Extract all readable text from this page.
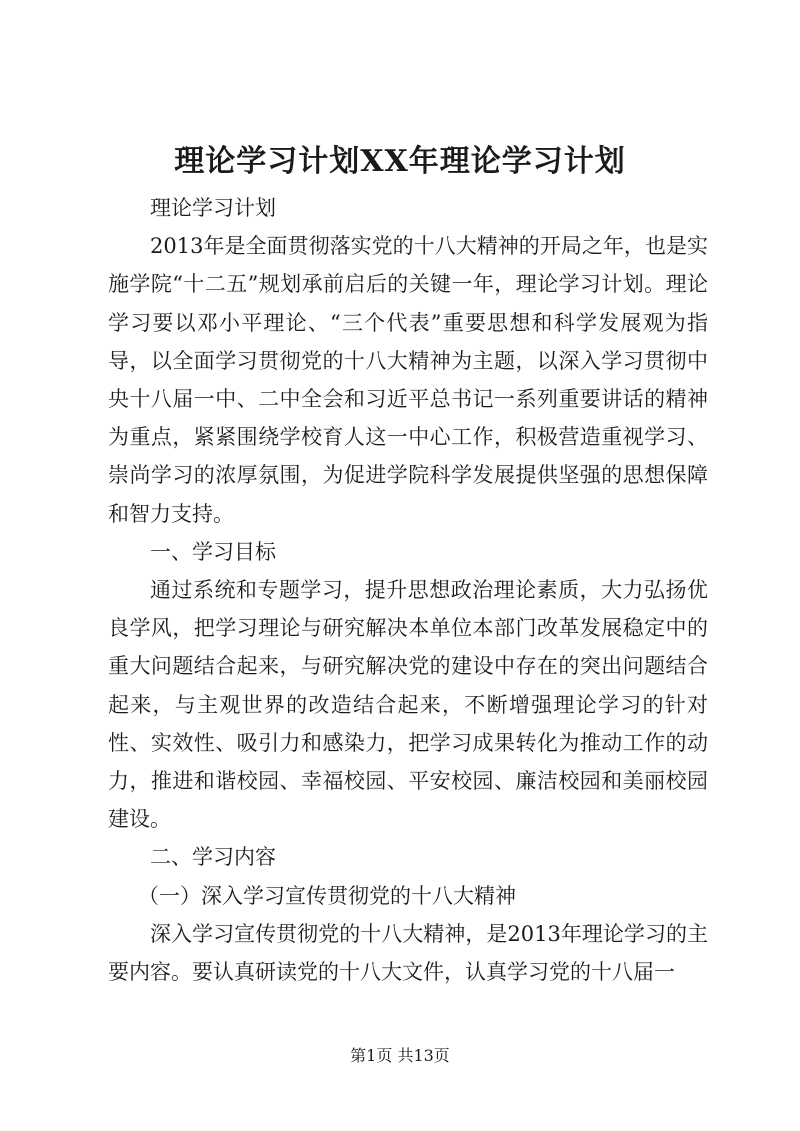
理论学习计划XX年理论学习计划

理论学习计划

2013年是全面贯彻落实党的十八大精神的开局之年，也是实施学院“十二五”规划承前启后的关键一年，理论学习计划。理论学习要以邓小平理论、“三个代表”重要思想和科学发展观为指导，以全面学习贯彻党的十八大精神为主题，以深入学习贯彻中央十八届一中、二中全会和习近平总书记一系列重要讲话的精神为重点，紧紧围绕学校育人这一中心工作，积极营造重视学习、崇尚学习的浓厚氛围，为促进学院科学发展提供坚强的思想保障和智力支持。

一、学习目标

通过系统和专题学习，提升思想政治理论素质，大力弘扬优良学风，把学习理论与研究解决本单位本部门改革发展稳定中的重大问题结合起来，与研究解决党的建设中存在的突出问题结合起来，与主观世界的改造结合起来，不断增强理论学习的针对性、实效性、吸引力和感染力，把学习成果转化为推动工作的动力，推进和谐校园、幸福校园、平安校园、廉洁校园和美丽校园建设。

二、学习内容

（一）深入学习宣传贯彻党的十八大精神

深入学习宣传贯彻党的十八大精神，是2013年理论学习的主要内容。要认真研读党的十八大文件，认真学习党的十八届一

第1页 共13页
